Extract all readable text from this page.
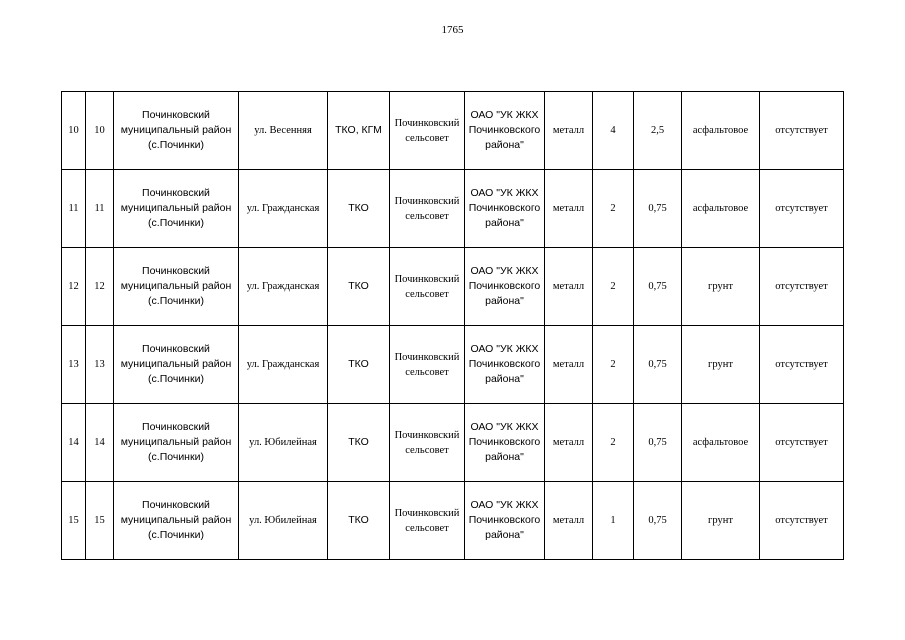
1765
10	10	Починковский муниципальный район (с.Починки)	ул. Весенняя	ТКО, КГМ	Починковский сельсовет	ОАО "УК ЖКХ Починковского района"	металл	4	2,5	асфальтовое	отсутствует
11	11	Починковский муниципальный район (с.Починки)	ул. Гражданская	ТКО	Починковский сельсовет	ОАО "УК ЖКХ Починковского района"	металл	2	0,75	асфальтовое	отсутствует
12	12	Починковский муниципальный район (с.Починки)	ул. Гражданская	ТКО	Починковский сельсовет	ОАО "УК ЖКХ Починковского района"	металл	2	0,75	грунт	отсутствует
13	13	Починковский муниципальный район (с.Починки)	ул. Гражданская	ТКО	Починковский сельсовет	ОАО "УК ЖКХ Починковского района"	металл	2	0,75	грунт	отсутствует
14	14	Починковский муниципальный район (с.Починки)	ул. Юбилейная	ТКО	Починковский сельсовет	ОАО "УК ЖКХ Починковского района"	металл	2	0,75	асфальтовое	отсутствует
15	15	Починковский муниципальный район (с.Починки)	ул. Юбилейная	ТКО	Починковский сельсовет	ОАО "УК ЖКХ Починковского района"	металл	1	0,75	грунт	отсутствует
